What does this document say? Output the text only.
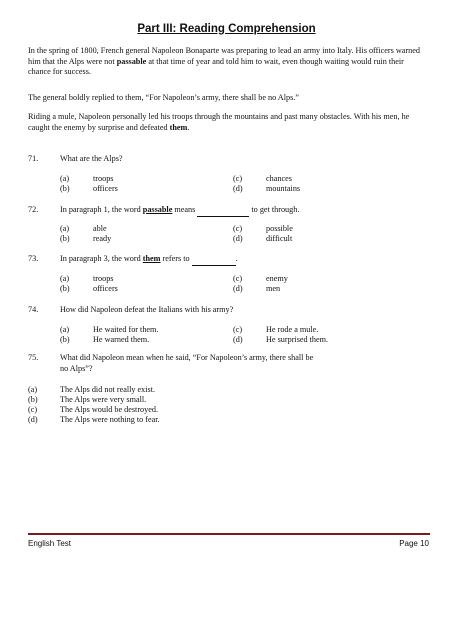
Part III: Reading Comprehension

In the spring of 1800, French general Napoleon Bonaparte was preparing to lead an army into Italy. His officers warned him that the Alps were not passable at that time of year and told him to wait, even though waiting would ruin their chance for success.

The general boldly replied to them, “For Napoleon’s army, there shall be no Alps.”

Riding a mule, Napoleon personally led his troops through the mountains and past many obstacles. With his men, he caught the enemy by surprise and defeated them.

71.	What are the Alps?
(a)	troops
(b)	officers
(c)	chances
(d)	mountains
72.	In paragraph 1, the word passable means	to get through.
(a)	able
(b)	ready
(c)	possible
(d)	difficult
73.	In paragraph 3, the word them refers to	.
(a)	troops
(b)	officers
(c)	enemy
(d)	men
74.	How did Napoleon defeat the Italians with his army?
(a)	He waited for them.
(b)	He warned them.
(c)	He rode a mule.
(d)	He surprised them.
75.	What did Napoleon mean when he said, “For Napoleon’s army, there shall be
no Alps”?
(a)	The Alps did not really exist.
(b)	The Alps were very small.
(c)	The Alps would be destroyed.
(d)	The Alps were nothing to fear.
English Test	Page 10
